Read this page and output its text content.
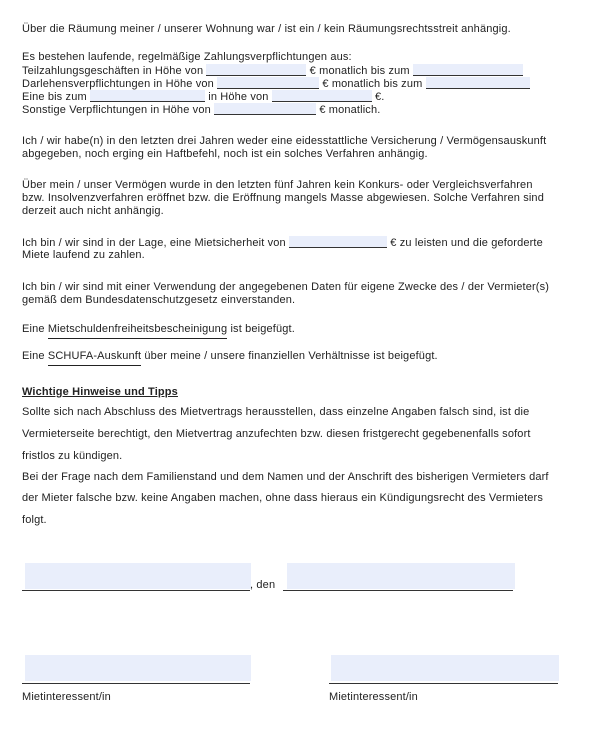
Über die Räumung meiner / unserer Wohnung war / ist ein / kein Räumungsrechtsstreit anhängig.
Es bestehen laufende, regelmäßige Zahlungsverpflichtungen aus:
Teilzahlungsgeschäften in Höhe von	€ monatlich bis zum
Darlehensverpflichtungen in Höhe von	€ monatlich bis zum
Eine bis zum	in Höhe von	€.
Sonstige Verpflichtungen in Höhe von	€ monatlich.
Ich / wir habe(n) in den letzten drei Jahren weder eine eidesstattliche Versicherung / Vermögensauskunft
abgegeben, noch erging ein Haftbefehl, noch ist ein solches Verfahren anhängig.
Über mein / unser Vermögen wurde in den letzten fünf Jahren kein Konkurs- oder Vergleichsverfahren
bzw. Insolvenzverfahren eröffnet bzw. die Eröffnung mangels Masse abgewiesen. Solche Verfahren sind
derzeit auch nicht anhängig.
Ich bin / wir sind in der Lage, eine Mietsicherheit von	€ zu leisten und die geforderte
Miete laufend zu zahlen.
Ich bin / wir sind mit einer Verwendung der angegebenen Daten für eigene Zwecke des / der Vermieter(s)
gemäß dem Bundesdatenschutzgesetz einverstanden.
Eine Mietschuldenfreiheitsbescheinigung ist beigefügt.
Eine SCHUFA-Auskunft über meine / unsere finanziellen Verhältnisse ist beigefügt.
Wichtige Hinweise und Tipps
Sollte sich nach Abschluss des Mietvertrags herausstellen, dass einzelne Angaben falsch sind, ist die
Vermieterseite berechtigt, den Mietvertrag anzufechten bzw. diesen fristgerecht gegebenenfalls sofort
fristlos zu kündigen.
Bei der Frage nach dem Familienstand und dem Namen und der Anschrift des bisherigen Vermieters darf
der Mieter falsche bzw. keine Angaben machen, ohne dass hieraus ein Kündigungsrecht des Vermieters
folgt.
, den
Mietinteressent/in	Mietinteressent/in
